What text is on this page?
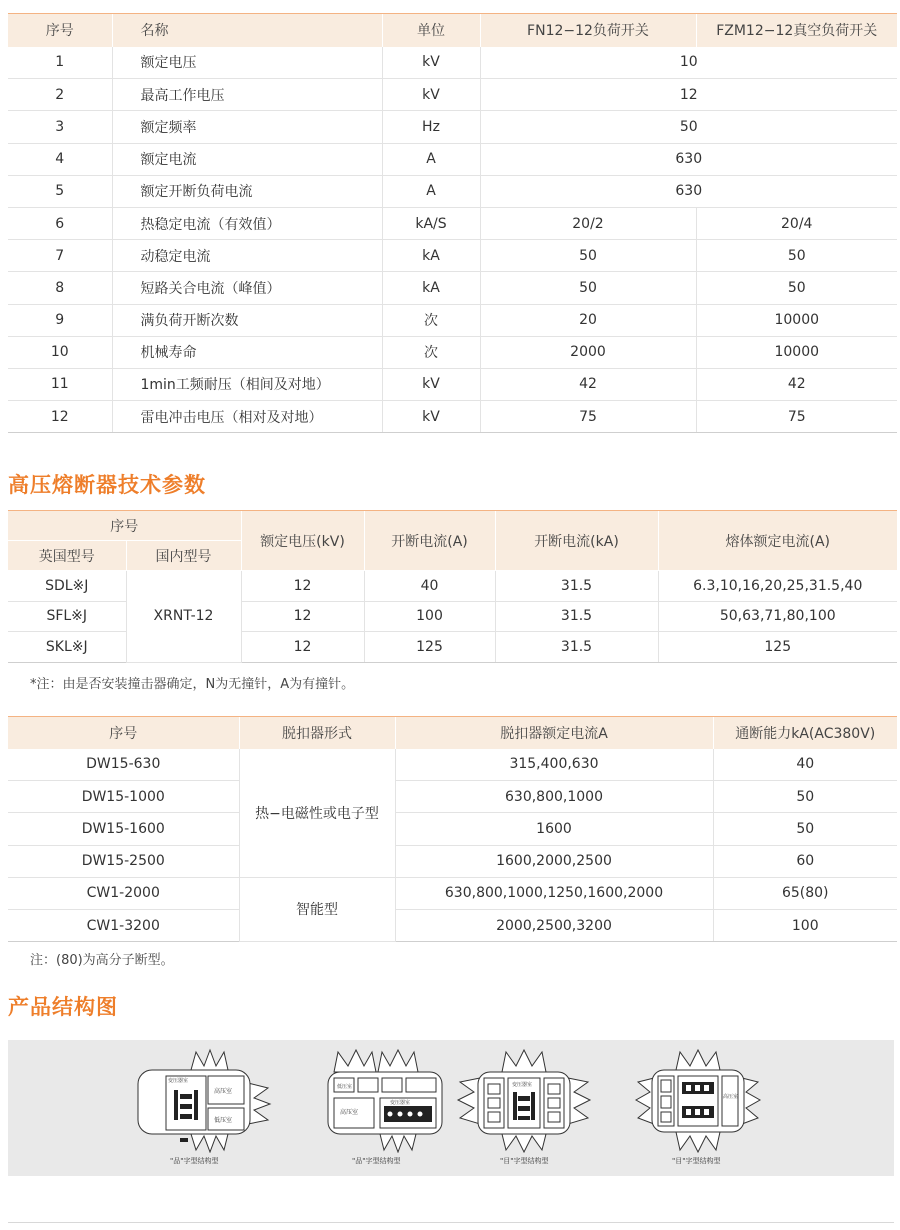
序号	名称	单位	FN12−12负荷开关	FZM12−12真空负荷开关
1	额定电压	kV	10	
2	最高工作电压	kV	12	
3	额定频率	Hz	50	
4	额定电流	A	630	
5	额定开断负荷电流	A	630	
6	热稳定电流（有效值）	kA/S	20/2	20/4
7	动稳定电流	kA	50	50
8	短路关合电流（峰值）	kA	50	50
9	满负荷开断次数	次	20	10000
10	机械寿命	次	2000	10000
11	1min工频耐压（相间及对地）	kV	42	42
12	雷电冲击电压（相对及对地）	kV	75	75
高压熔断器技术参数
序号		额定电压(kV)	开断电流(A)	开断电流(kA)	熔体额定电流(A)
英国型号	国内型号				
SDL※J	XRNT-12	12	40	31.5	6.3,10,16,20,25,31.5,40
SFL※J		12	100	31.5	50,63,71,80,100
SKL※J		12	125	31.5	125
*注：由是否安装撞击器确定，N为无撞针，A为有撞针。
序号	脱扣器形式	脱扣器额定电流A	通断能力kA(AC380V)
DW15-630	热−电磁性或电子型	315,400,630	40
DW15-1000		630,800,1000	50
DW15-1600		1600	50
DW15-2500		1600,2000,2500	60
CW1-2000	智能型	630,800,1000,1250,1600,2000	65(80)
CW1-3200		2000,2500,3200	100
注：(80)为高分子断型。
产品结构图
变压器室
高压室
低压室
"品"字型结构型
低压室
高压室
变压器室
"品"字型结构型
变压器室
"目"字型结构型
高压室
"目"字型结构型
